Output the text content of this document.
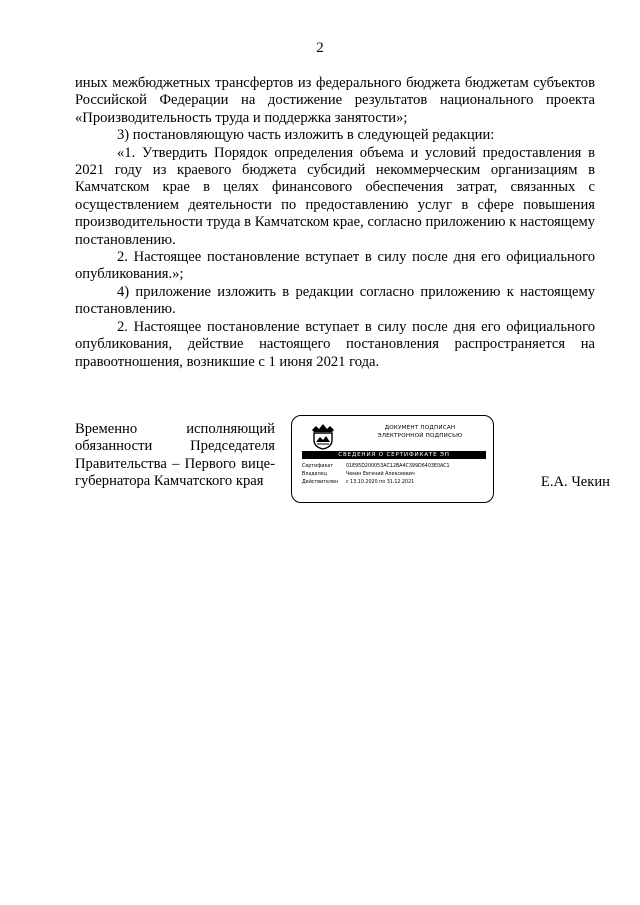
2

иных межбюджетных трансфертов из федерального бюджета бюджетам субъектов Российской Федерации на достижение результатов национального проекта «Производительность труда и поддержка занятости»;

3) постановляющую часть изложить в следующей редакции:

«1. Утвердить Порядок определения объема и условий предоставления в 2021 году из краевого бюджета субсидий некоммерческим организациям в Камчатском крае в целях финансового обеспечения затрат, связанных с осуществлением деятельности по предоставлению услуг в сфере повышения производительности труда в Камчатском крае, согласно приложению к настоящему постановлению.

2. Настоящее постановление вступает в силу после дня его официального опубликования.»;

4) приложение изложить в редакции согласно приложению к настоящему постановлению.

2. Настоящее постановление вступает в силу после дня его официального опубликования, действие настоящего постановления распространяется на правоотношения, возникшие с 1 июня 2021 года.

Временно исполняющий
обязанности Председателя
Правительства – Первого вице-
губернатора Камчатского края
ДОКУМЕНТ ПОДПИСАН
ЭЛЕКТРОННОЙ ПОДПИСЬЮ
СВЕДЕНИЯ О СЕРТИФИКАТЕ ЭП
Сертификат	01E95D200053AC12BA4C399D6403E0AC1
Владелец	Чекин Евгений Алексеевич
Действителен	с 13.10.2020 по 31.12.2021	Е.А. Чекин
